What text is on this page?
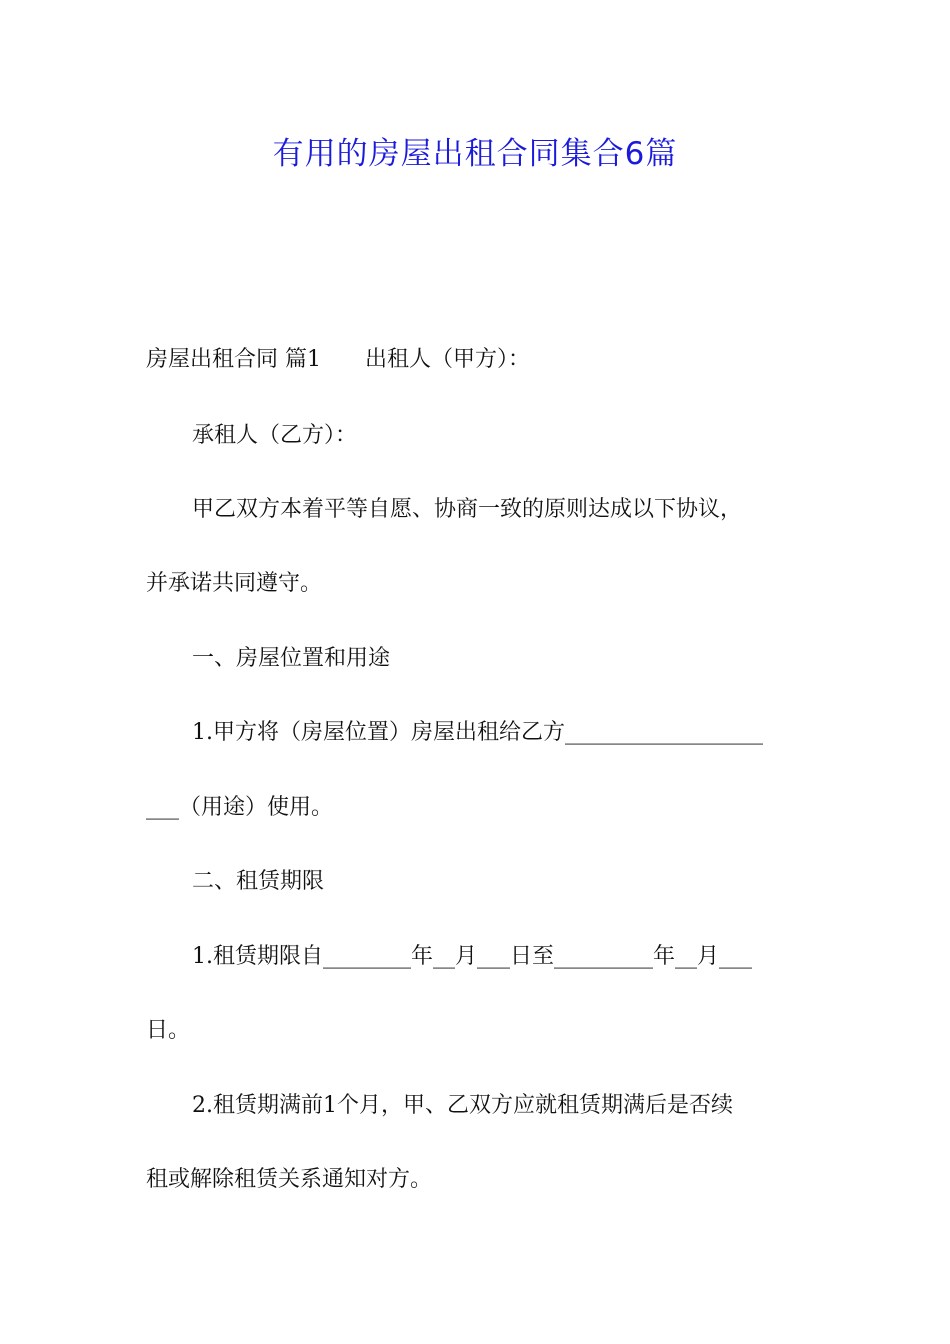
有用的房屋出租合同集合6篇

房屋出租合同 篇1 出租人（甲方）：

承租人（乙方）：

甲乙双方本着平等自愿、协商一致的原则达成以下协议，

并承诺共同遵守。

一、房屋位置和用途

1.甲方将（房屋位置）房屋出租给乙方__________________

___（用途）使用。

二、租赁期限

1.租赁期限自________年__月___日至_________年__月___

日。

2.租赁期满前1个月，甲、乙双方应就租赁期满后是否续

租或解除租赁关系通知对方。
